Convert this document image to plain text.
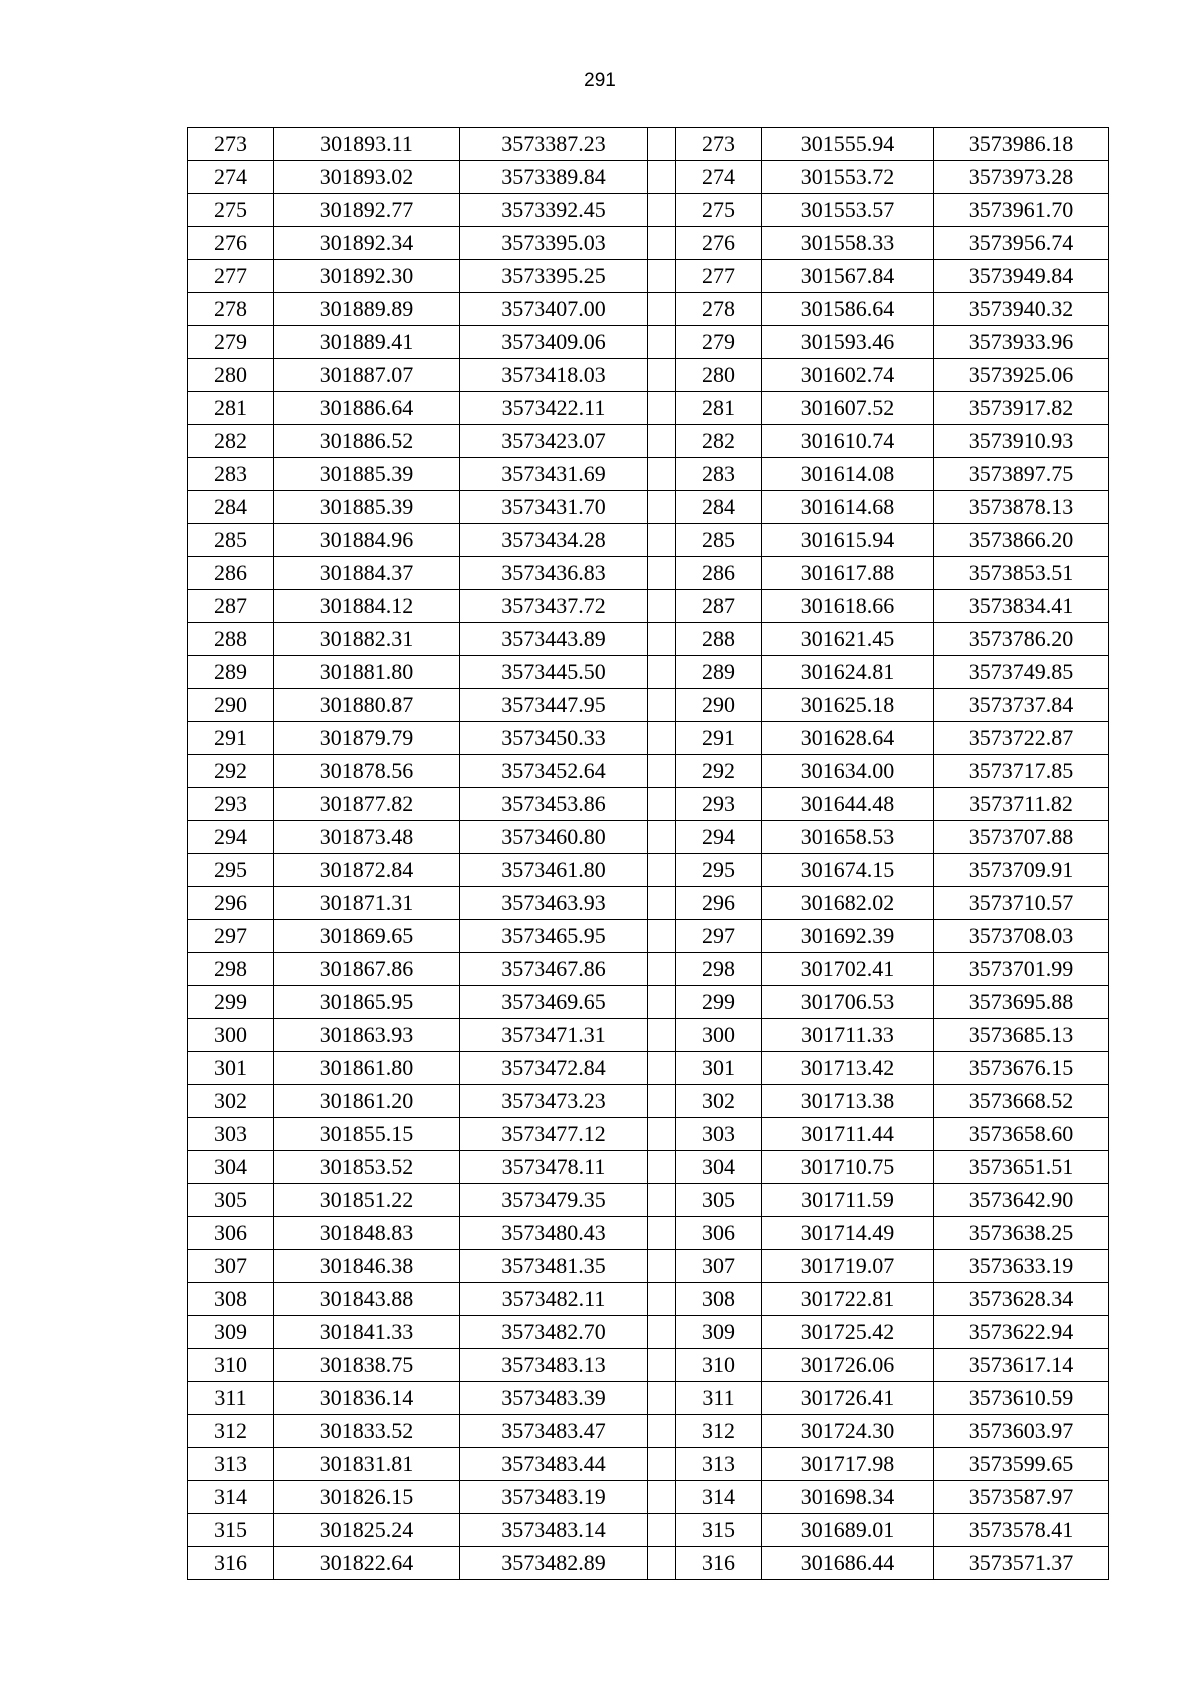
291
273	301893.11	3573387.23		273	301555.94	3573986.18
274	301893.02	3573389.84		274	301553.72	3573973.28
275	301892.77	3573392.45		275	301553.57	3573961.70
276	301892.34	3573395.03		276	301558.33	3573956.74
277	301892.30	3573395.25		277	301567.84	3573949.84
278	301889.89	3573407.00		278	301586.64	3573940.32
279	301889.41	3573409.06		279	301593.46	3573933.96
280	301887.07	3573418.03		280	301602.74	3573925.06
281	301886.64	3573422.11		281	301607.52	3573917.82
282	301886.52	3573423.07		282	301610.74	3573910.93
283	301885.39	3573431.69		283	301614.08	3573897.75
284	301885.39	3573431.70		284	301614.68	3573878.13
285	301884.96	3573434.28		285	301615.94	3573866.20
286	301884.37	3573436.83		286	301617.88	3573853.51
287	301884.12	3573437.72		287	301618.66	3573834.41
288	301882.31	3573443.89		288	301621.45	3573786.20
289	301881.80	3573445.50		289	301624.81	3573749.85
290	301880.87	3573447.95		290	301625.18	3573737.84
291	301879.79	3573450.33		291	301628.64	3573722.87
292	301878.56	3573452.64		292	301634.00	3573717.85
293	301877.82	3573453.86		293	301644.48	3573711.82
294	301873.48	3573460.80		294	301658.53	3573707.88
295	301872.84	3573461.80		295	301674.15	3573709.91
296	301871.31	3573463.93		296	301682.02	3573710.57
297	301869.65	3573465.95		297	301692.39	3573708.03
298	301867.86	3573467.86		298	301702.41	3573701.99
299	301865.95	3573469.65		299	301706.53	3573695.88
300	301863.93	3573471.31		300	301711.33	3573685.13
301	301861.80	3573472.84		301	301713.42	3573676.15
302	301861.20	3573473.23		302	301713.38	3573668.52
303	301855.15	3573477.12		303	301711.44	3573658.60
304	301853.52	3573478.11		304	301710.75	3573651.51
305	301851.22	3573479.35		305	301711.59	3573642.90
306	301848.83	3573480.43		306	301714.49	3573638.25
307	301846.38	3573481.35		307	301719.07	3573633.19
308	301843.88	3573482.11		308	301722.81	3573628.34
309	301841.33	3573482.70		309	301725.42	3573622.94
310	301838.75	3573483.13		310	301726.06	3573617.14
311	301836.14	3573483.39		311	301726.41	3573610.59
312	301833.52	3573483.47		312	301724.30	3573603.97
313	301831.81	3573483.44		313	301717.98	3573599.65
314	301826.15	3573483.19		314	301698.34	3573587.97
315	301825.24	3573483.14		315	301689.01	3573578.41
316	301822.64	3573482.89		316	301686.44	3573571.37
